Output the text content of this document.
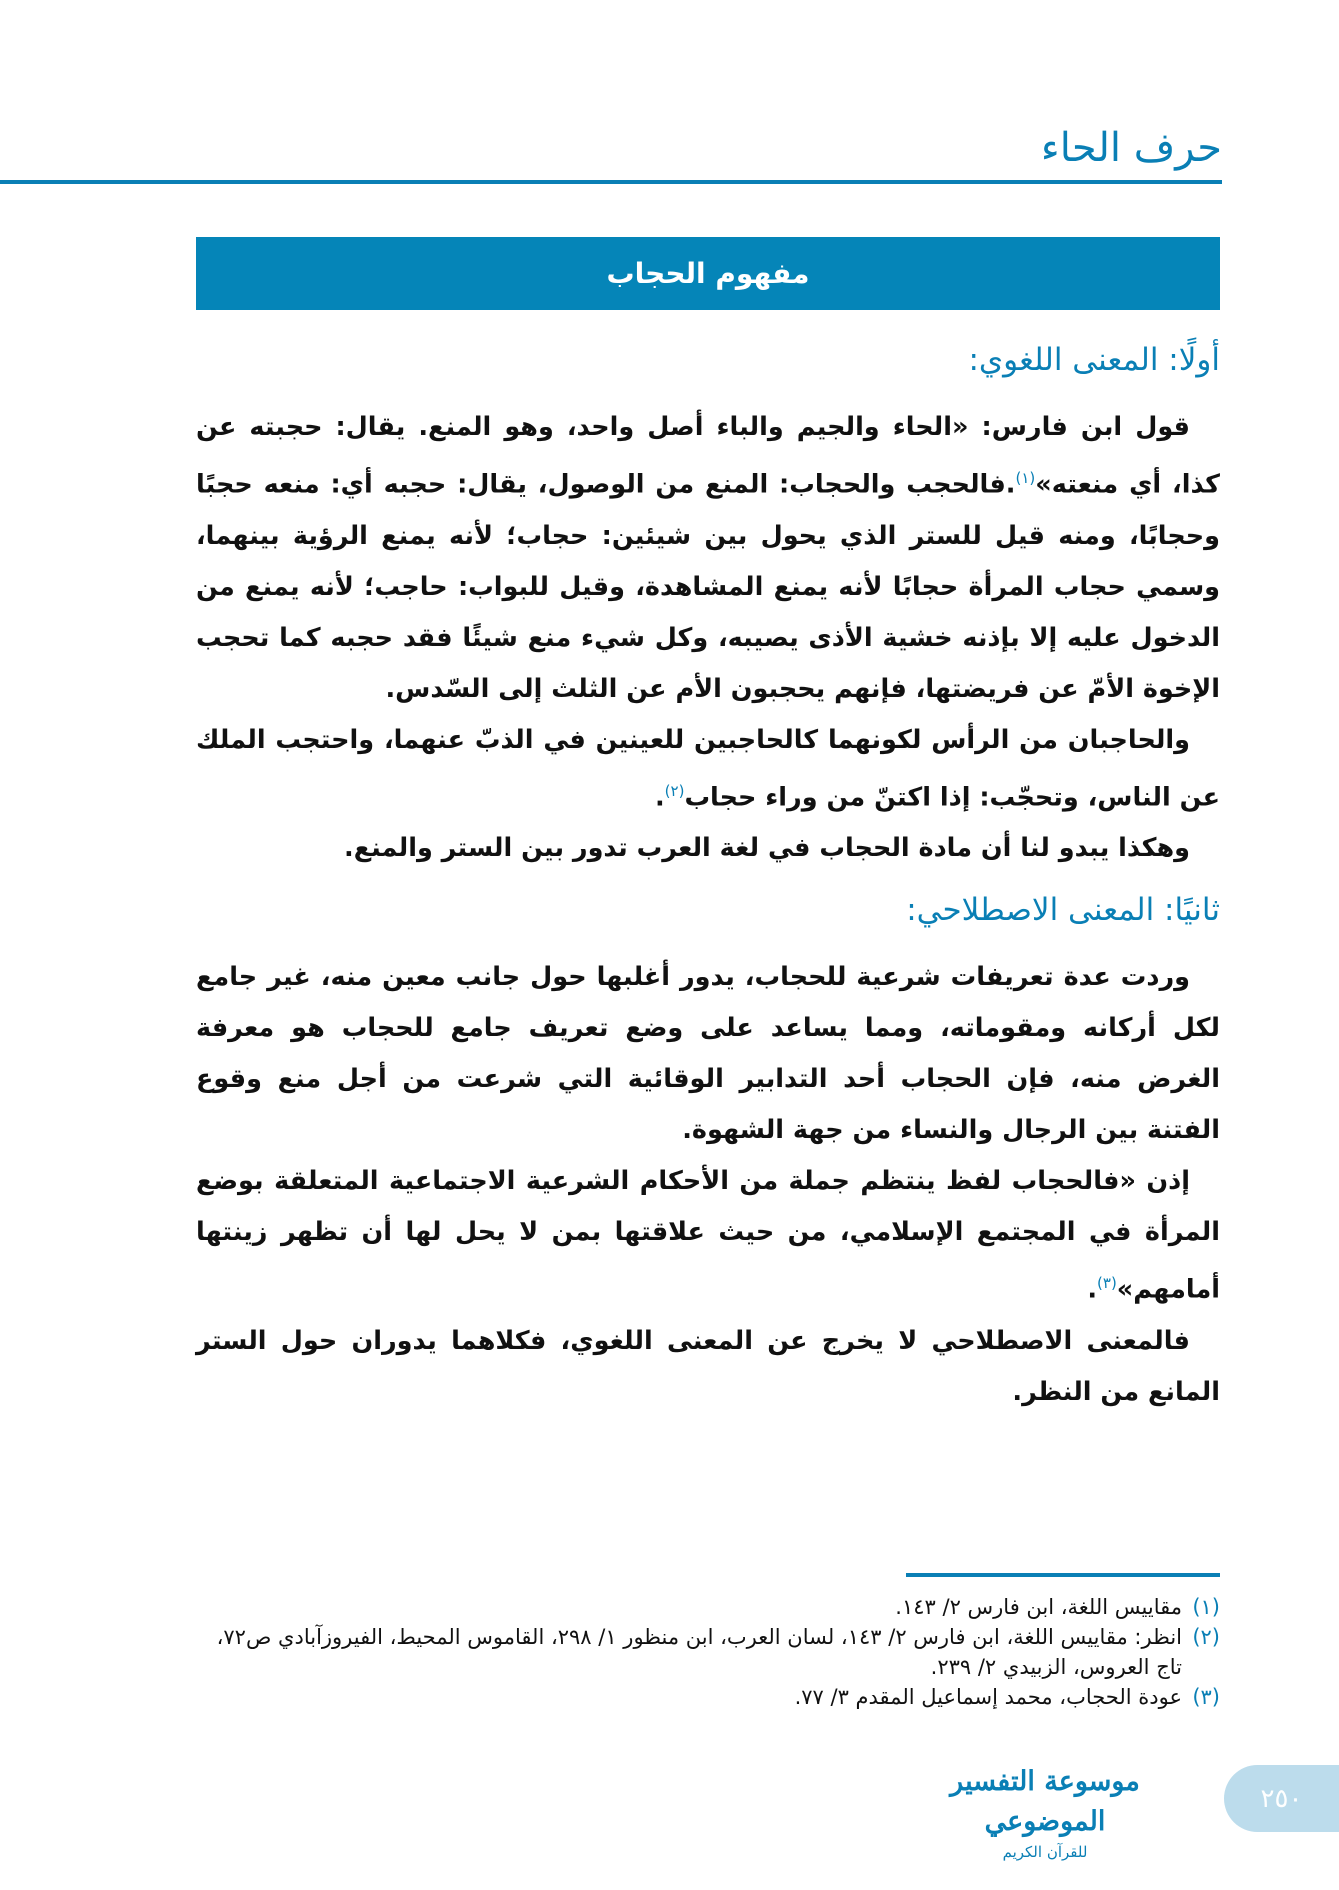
حرف الحاء
مفهوم الحجاب
أولًا: المعنى اللغوي:

قول ابن فارس: «الحاء والجيم والباء أصل واحد، وهو المنع. يقال: حجبته عن كذا، أي منعته»$^{(١)}$.فالحجب والحجاب: المنع من الوصول، يقال: حجبه أي: منعه حجبًا وحجابًا، ومنه قيل للستر الذي يحول بين شيئين: حجاب؛ لأنه يمنع الرؤية بينهما، وسمي حجاب المرأة حجابًا لأنه يمنع المشاهدة، وقيل للبواب: حاجب؛ لأنه يمنع من الدخول عليه إلا بإذنه خشية الأذى يصيبه، وكل شيء منع شيئًا فقد حجبه كما تحجب الإخوة الأمّ عن فريضتها، فإنهم يحجبون الأم عن الثلث إلى السّدس.

والحاجبان من الرأس لكونهما كالحاجبين للعينين في الذبّ عنهما، واحتجب الملك عن الناس، وتحجّب: إذا اكتنّ من وراء حجاب$^{(٢)}$.

وهكذا يبدو لنا أن مادة الحجاب في لغة العرب تدور بين الستر والمنع.

ثانيًا: المعنى الاصطلاحي:

وردت عدة تعريفات شرعية للحجاب، يدور أغلبها حول جانب معين منه، غير جامع لكل أركانه ومقوماته، ومما يساعد على وضع تعريف جامع للحجاب هو معرفة الغرض منه، فإن الحجاب أحد التدابير الوقائية التي شرعت من أجل منع وقوع الفتنة بين الرجال والنساء من جهة الشهوة.

إذن «فالحجاب لفظ ينتظم جملة من الأحكام الشرعية الاجتماعية المتعلقة بوضع المرأة في المجتمع الإسلامي، من حيث علاقتها بمن لا يحل لها أن تظهر زينتها أمامهم»$^{(٣)}$.

فالمعنى الاصطلاحي لا يخرج عن المعنى اللغوي، فكلاهما يدوران حول الستر المانع من النظر.

(١)
مقاييس اللغة، ابن فارس ٢/ ١٤٣.
(٢)
انظر: مقاييس اللغة، ابن فارس ٢/ ١٤٣، لسان العرب، ابن منظور ١/ ٢٩٨، القاموس المحيط، الفيروزآبادي ص٧٢، تاج العروس، الزبيدي ٢/ ٢٣٩.
(٣)
عودة الحجاب، محمد إسماعيل المقدم ٣/ ٧٧.
موسوعة التفسير الموضوعي
للقرآن الكريم
٢٥٠
